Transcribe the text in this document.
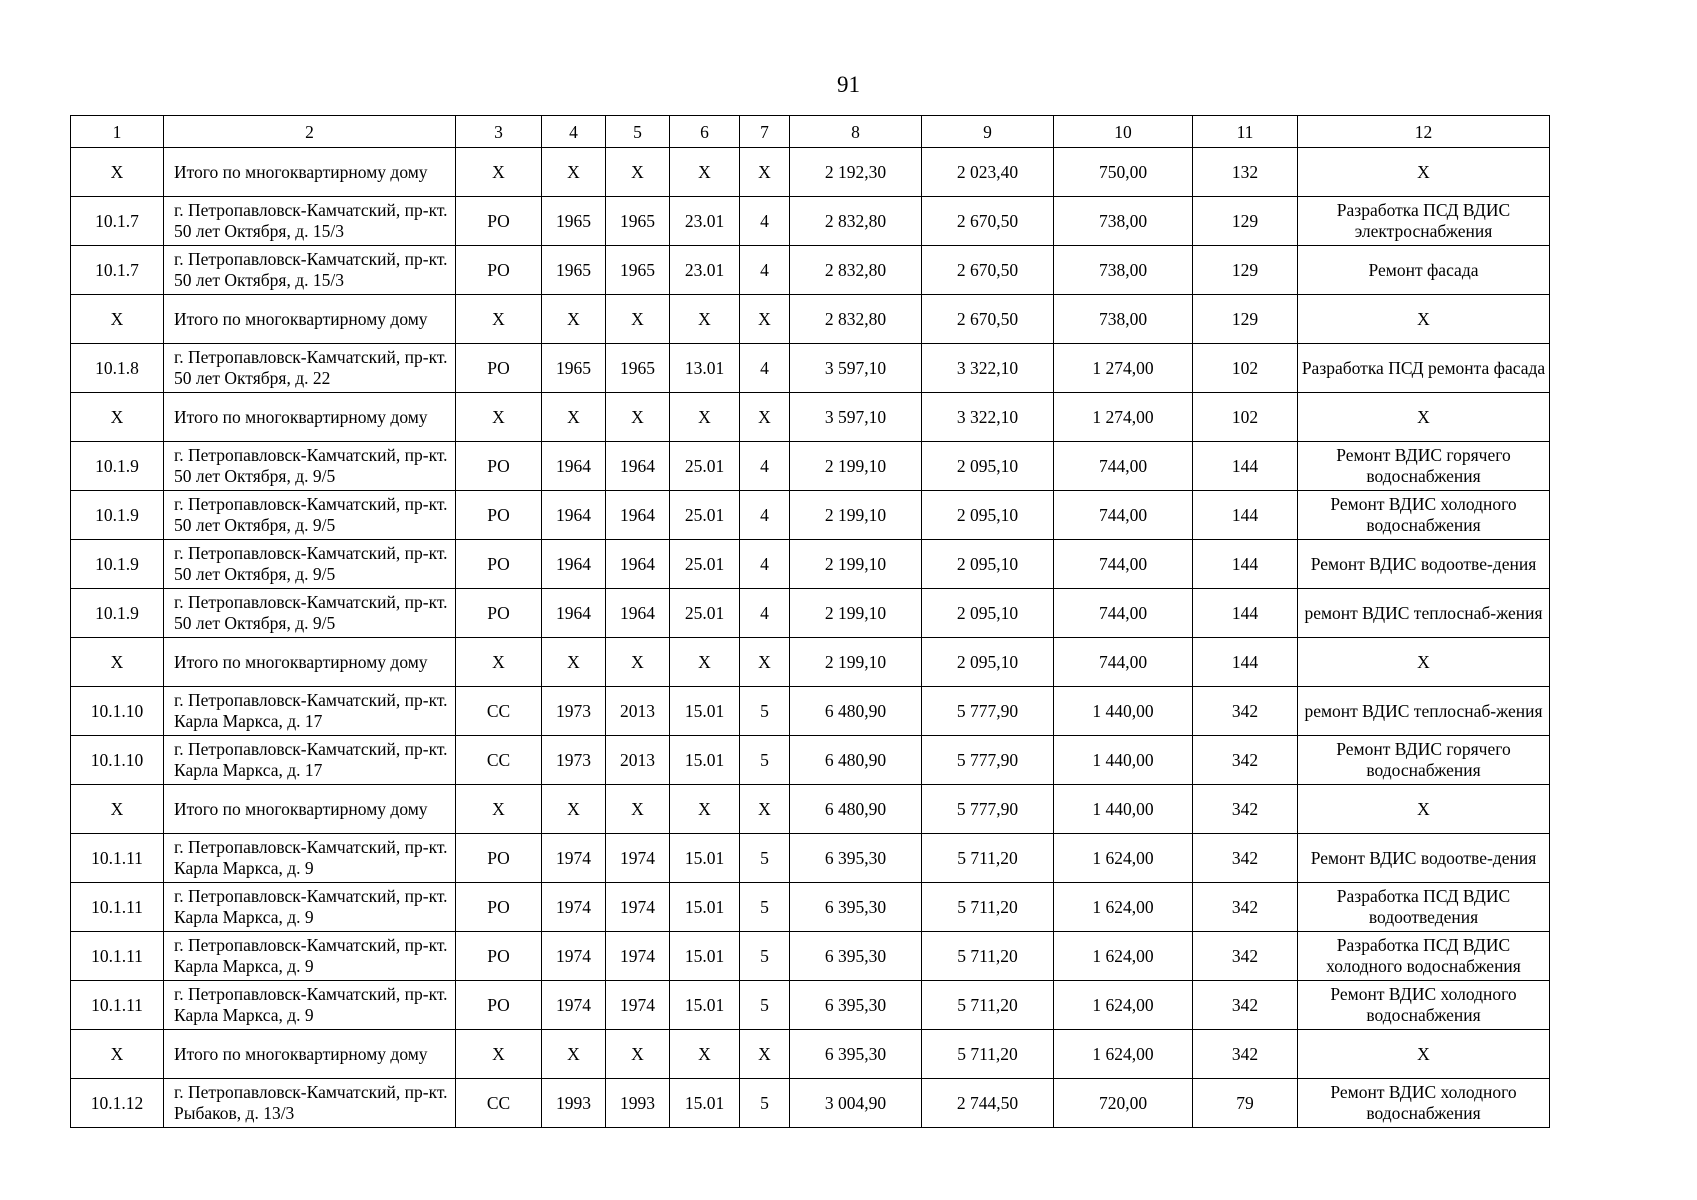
91
1	2	3	4	5	6	7	8	9	10	11	12
Х	Итого по многоквартирному дому	Х	Х	Х	Х	Х	2 192,30	2 023,40	750,00	132	Х
10.1.7	г. Петропавловск-Камчатский, пр-кт. 50 лет Октября, д. 15/3	РО	1965	1965	23.01	4	2 832,80	2 670,50	738,00	129	Разработка ПСД ВДИС электроснабжения
10.1.7	г. Петропавловск-Камчатский, пр-кт. 50 лет Октября, д. 15/3	РО	1965	1965	23.01	4	2 832,80	2 670,50	738,00	129	Ремонт фасада
Х	Итого по многоквартирному дому	Х	Х	Х	Х	Х	2 832,80	2 670,50	738,00	129	Х
10.1.8	г. Петропавловск-Камчатский, пр-кт. 50 лет Октября, д. 22	РО	1965	1965	13.01	4	3 597,10	3 322,10	1 274,00	102	Разработка ПСД ремонта фасада
Х	Итого по многоквартирному дому	Х	Х	Х	Х	Х	3 597,10	3 322,10	1 274,00	102	Х
10.1.9	г. Петропавловск-Камчатский, пр-кт. 50 лет Октября, д. 9/5	РО	1964	1964	25.01	4	2 199,10	2 095,10	744,00	144	Ремонт ВДИС горячего водоснабжения
10.1.9	г. Петропавловск-Камчатский, пр-кт. 50 лет Октября, д. 9/5	РО	1964	1964	25.01	4	2 199,10	2 095,10	744,00	144	Ремонт ВДИС холодного водоснабжения
10.1.9	г. Петропавловск-Камчатский, пр-кт. 50 лет Октября, д. 9/5	РО	1964	1964	25.01	4	2 199,10	2 095,10	744,00	144	Ремонт ВДИС водоотве-дения
10.1.9	г. Петропавловск-Камчатский, пр-кт. 50 лет Октября, д. 9/5	РО	1964	1964	25.01	4	2 199,10	2 095,10	744,00	144	ремонт ВДИС теплоснаб-жения
Х	Итого по многоквартирному дому	Х	Х	Х	Х	Х	2 199,10	2 095,10	744,00	144	Х
10.1.10	г. Петропавловск-Камчатский, пр-кт. Карла Маркса, д. 17	СС	1973	2013	15.01	5	6 480,90	5 777,90	1 440,00	342	ремонт ВДИС теплоснаб-жения
10.1.10	г. Петропавловск-Камчатский, пр-кт. Карла Маркса, д. 17	СС	1973	2013	15.01	5	6 480,90	5 777,90	1 440,00	342	Ремонт ВДИС горячего водоснабжения
Х	Итого по многоквартирному дому	Х	Х	Х	Х	Х	6 480,90	5 777,90	1 440,00	342	Х
10.1.11	г. Петропавловск-Камчатский, пр-кт. Карла Маркса, д. 9	РО	1974	1974	15.01	5	6 395,30	5 711,20	1 624,00	342	Ремонт ВДИС водоотве-дения
10.1.11	г. Петропавловск-Камчатский, пр-кт. Карла Маркса, д. 9	РО	1974	1974	15.01	5	6 395,30	5 711,20	1 624,00	342	Разработка ПСД ВДИС водоотведения
10.1.11	г. Петропавловск-Камчатский, пр-кт. Карла Маркса, д. 9	РО	1974	1974	15.01	5	6 395,30	5 711,20	1 624,00	342	Разработка ПСД ВДИС холодного водоснабжения
10.1.11	г. Петропавловск-Камчатский, пр-кт. Карла Маркса, д. 9	РО	1974	1974	15.01	5	6 395,30	5 711,20	1 624,00	342	Ремонт ВДИС холодного водоснабжения
Х	Итого по многоквартирному дому	Х	Х	Х	Х	Х	6 395,30	5 711,20	1 624,00	342	Х
10.1.12	г. Петропавловск-Камчатский, пр-кт. Рыбаков, д. 13/3	СС	1993	1993	15.01	5	3 004,90	2 744,50	720,00	79	Ремонт ВДИС холодного водоснабжения
